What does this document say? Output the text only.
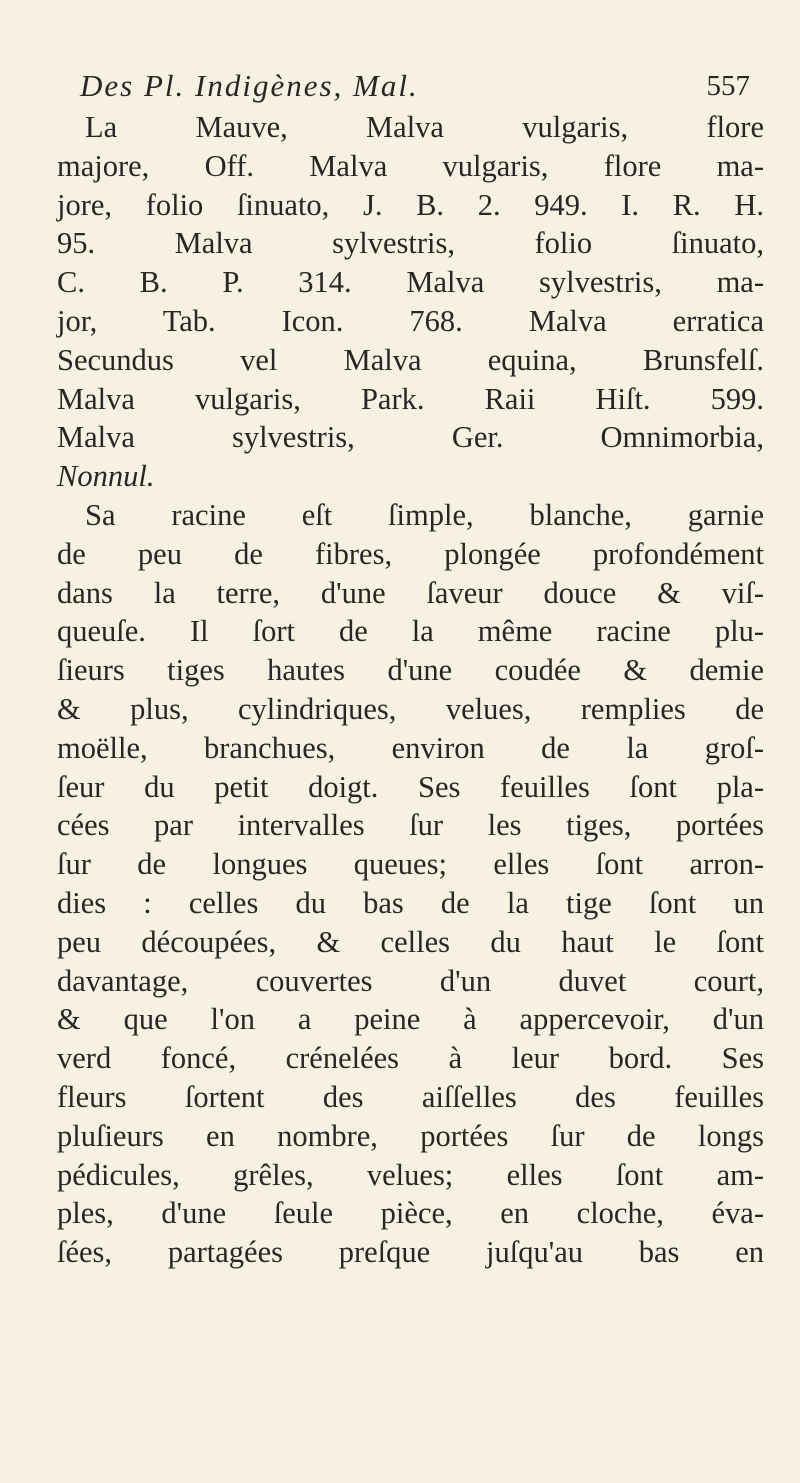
Des Pl. Indigènes, Mal.	557
La Mauve, Malva vulgaris, flore
majore, Off. Malva vulgaris, flore ma-
jore, folio ſinuato, J. B. 2. 949. I. R. H.
95. Malva sylvestris, folio ſinuato,
C. B. P. 314. Malva sylvestris, ma-
jor, Tab. Icon. 768. Malva erratica
Secundus vel Malva equina, Brunsfelſ.
Malva vulgaris, Park. Raii Hiſt. 599.
Malva sylvestris, Ger. Omnimorbia,
Nonnul.
Sa racine eſt ſimple, blanche, garnie
de peu de fibres, plongée profondément
dans la terre, d'une ſaveur douce & viſ-
queuſe. Il ſort de la même racine plu-
ſieurs tiges hautes d'une coudée & demie
& plus, cylindriques, velues, remplies de
moëlle, branchues, environ de la groſ-
ſeur du petit doigt. Ses feuilles ſont pla-
cées par intervalles ſur les tiges, portées
ſur de longues queues; elles ſont arron-
dies : celles du bas de la tige ſont un
peu découpées, & celles du haut le ſont
davantage, couvertes d'un duvet court,
& que l'on a peine à appercevoir, d'un
verd foncé, crénelées à leur bord. Ses
fleurs ſortent des aiſſelles des feuilles
pluſieurs en nombre, portées ſur de longs
pédicules, grêles, velues; elles ſont am-
ples, d'une ſeule pièce, en cloche, éva-
ſées, partagées preſque juſqu'au bas en
